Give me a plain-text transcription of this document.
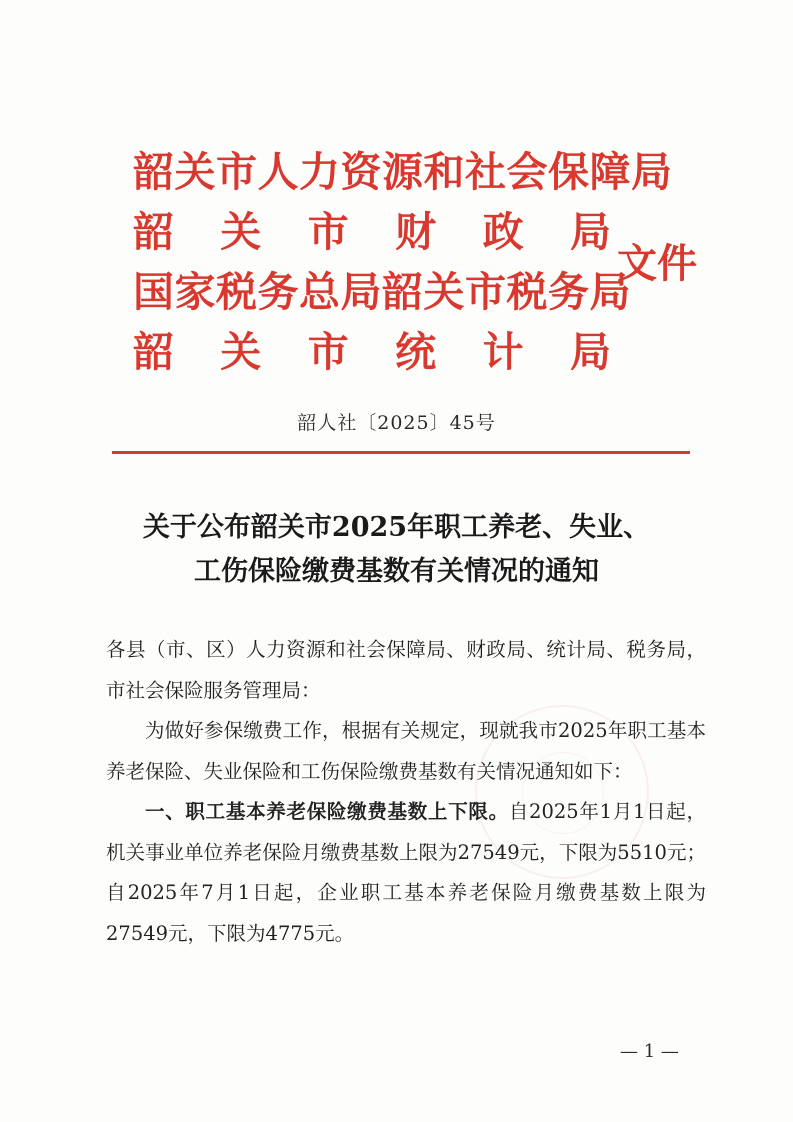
韶关市人力资源和社会保障局
韶 关 市 财 政 局
国家税务总局韶关市税务局
韶 关 市 统 计 局
文件
韶人社〔2025〕45号
关于公布韶关市2025年职工养老、失业、
工伤保险缴费基数有关情况的通知

各县（市、区）人力资源和社会保障局、财政局、统计局、税务局，市社会保险服务管理局：

为做好参保缴费工作，根据有关规定，现就我市2025年职工基本养老保险、失业保险和工伤保险缴费基数有关情况通知如下：

一、职工基本养老保险缴费基数上下限。自2025年1月1日起，机关事业单位养老保险月缴费基数上限为27549元，下限为5510元；自2025年7月1日起，企业职工基本养老保险月缴费基数上限为27549元，下限为4775元。

— 1 —
